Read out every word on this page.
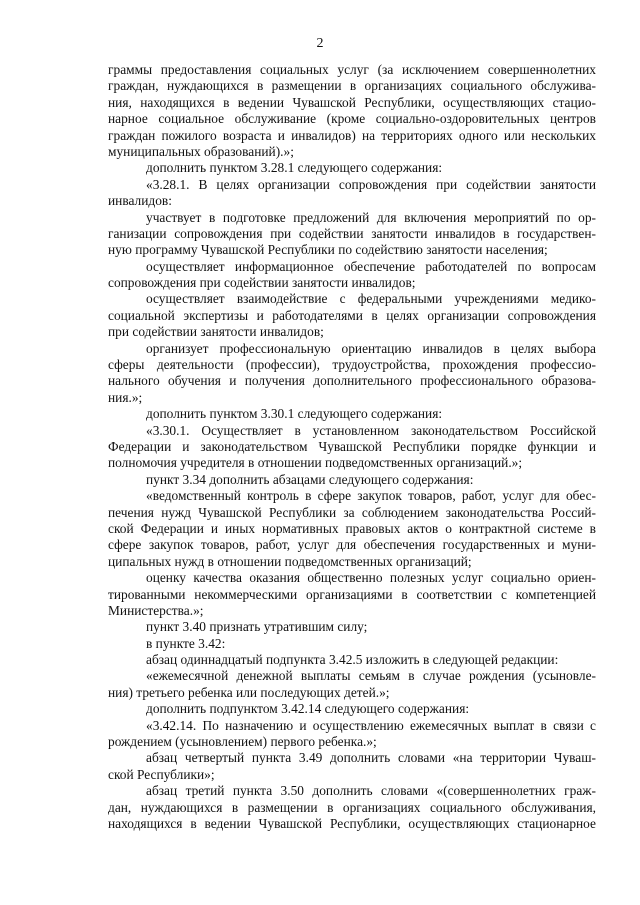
2
граммы предоставления социальных услуг (за исключением совершеннолетних
граждан, нуждающихся в размещении в организациях социального обслужива-
ния, находящихся в ведении Чувашской Республики, осуществляющих стацио-
нарное социальное обслуживание (кроме социально-оздоровительных центров
граждан пожилого возраста и инвалидов) на территориях одного или нескольких
муниципальных образований).»;
дополнить пунктом 3.28.1 следующего содержания:
«3.28.1. В целях организации сопровождения при содействии занятости
инвалидов:
участвует в подготовке предложений для включения мероприятий по ор-
ганизации сопровождения при содействии занятости инвалидов в государствен-
ную программу Чувашской Республики по содействию занятости населения;
осуществляет информационное обеспечение работодателей по вопросам
сопровождения при содействии занятости инвалидов;
осуществляет взаимодействие с федеральными учреждениями медико-
социальной экспертизы и работодателями в целях организации сопровождения
при содействии занятости инвалидов;
организует профессиональную ориентацию инвалидов в целях выбора
сферы деятельности (профессии), трудоустройства, прохождения профессио-
нального обучения и получения дополнительного профессионального образова-
ния.»;
дополнить пунктом 3.30.1 следующего содержания:
«3.30.1. Осуществляет в установленном законодательством Российской
Федерации и законодательством Чувашской Республики порядке функции и
полномочия учредителя в отношении подведомственных организаций.»;
пункт 3.34 дополнить абзацами следующего содержания:
«ведомственный контроль в сфере закупок товаров, работ, услуг для обес-
печения нужд Чувашской Республики за соблюдением законодательства Россий-
ской Федерации и иных нормативных правовых актов о контрактной системе в
сфере закупок товаров, работ, услуг для обеспечения государственных и муни-
ципальных нужд в отношении подведомственных организаций;
оценку качества оказания общественно полезных услуг социально ориен-
тированными некоммерческими организациями в соответствии с компетенцией
Министерства.»;
пункт 3.40 признать утратившим силу;
в пункте 3.42:
абзац одиннадцатый подпункта 3.42.5 изложить в следующей редакции:
«ежемесячной денежной выплаты семьям в случае рождения (усыновле-
ния) третьего ребенка или последующих детей.»;
дополнить подпунктом 3.42.14 следующего содержания:
«3.42.14. По назначению и осуществлению ежемесячных выплат в связи с
рождением (усыновлением) первого ребенка.»;
абзац четвертый пункта 3.49 дополнить словами «на территории Чуваш-
ской Республики»;
абзац третий пункта 3.50 дополнить словами «(совершеннолетних граж-
дан, нуждающихся в размещении в организациях социального обслуживания,
находящихся в ведении Чувашской Республики, осуществляющих стационарное
